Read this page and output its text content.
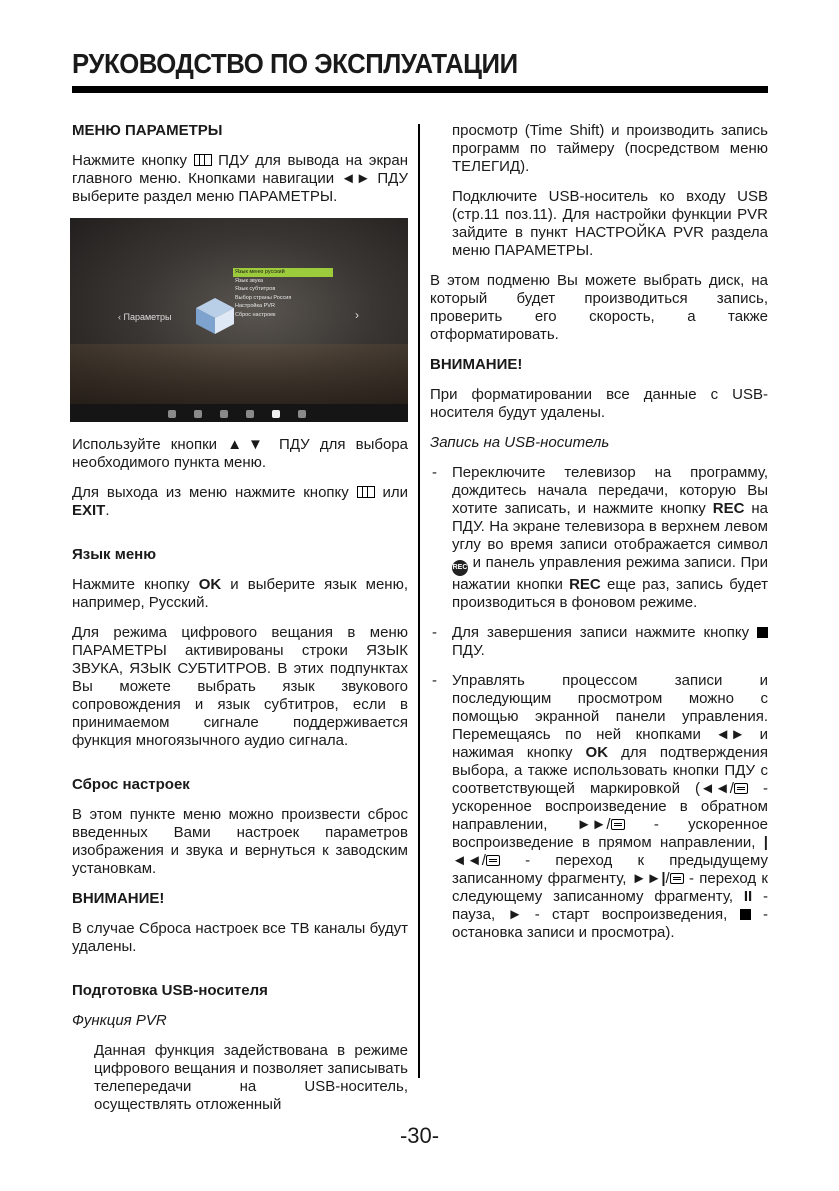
РУКОВОДСТВО ПО ЭКСПЛУАТАЦИИ
МЕНЮ ПАРАМЕТРЫ

Нажмите кнопку  ПДУ для вывода на экран главного меню. Кнопками навигации ◄► ПДУ выберите раздел меню ПАРАМЕТРЫ.

‹ Параметры	›
Язык меню русский
Язык звука
Язык субтитров
Выбор страны Россия
Настройка PVR
Сброс настроек

Используйте кнопки ▲▼ ПДУ для выбора необходимого пункта меню.

Для выхода из меню нажмите кнопку  или EXIT.

Язык меню

Нажмите кнопку OK и выберите язык меню, например, Русский.

Для режима цифрового вещания в меню ПАРАМЕТРЫ активированы строки ЯЗЫК ЗВУКА, ЯЗЫК СУБТИТРОВ. В этих подпунктах Вы можете выбрать язык звукового сопровождения и язык субтитров, если в принимаемом сигнале поддерживается функция многоязычного аудио сигнала.

Сброс настроек

В этом пункте меню можно произвести сброс введенных Вами настроек параметров изображения и звука и вернуться к заводским установкам.

ВНИМАНИЕ!

В случае Сброса настроек все ТВ каналы будут удалены.

Подготовка USB-носителя

Функция PVR

Данная функция задействована в режиме цифрового вещания и позволяет записывать телепередачи на USB-носитель, осуществлять отложенный

просмотр (Time Shift) и производить запись программ по таймеру (посредством меню ТЕЛЕГИД).

Подключите USB-носитель ко входу USB (стр.11 поз.11). Для настройки функции PVR зайдите в пункт НАСТРОЙКА PVR раздела меню ПАРАМЕТРЫ.

В этом подменю Вы можете выбрать диск, на который будет производиться запись, проверить его скорость, а также отформатировать.

ВНИМАНИЕ!

При форматировании все данные с USB-носителя будут удалены.

Запись на USB-носитель

- Переключите телевизор на программу, дождитесь начала передачи, которую Вы хотите записать, и нажмите кнопку REC на ПДУ. На экране телевизора в верхнем левом углу во время записи отображается символ REC и панель управления режима записи. При нажатии кнопки REC еще раз, запись будет производиться в фоновом режиме.
- Для завершения записи нажмите кнопку  ПДУ.
- Управлять процессом записи и последующим просмотром можно с помощью экранной панели управления. Перемещаясь по ней кнопками ◄► и нажимая кнопку OK для подтверждения выбора, а также использовать кнопки ПДУ с соответствующей маркировкой (◄◄/ - ускоренное воспроизведение в обратном направлении, ►►/ - ускоренное воспроизведение в прямом направлении, |◄◄/ - переход к предыдущему записанному фрагменту, ►►|/ - переход к следующему записанному фрагменту, II - пауза, ► - старт воспроизведения,  - остановка записи и просмотра).
-30-
